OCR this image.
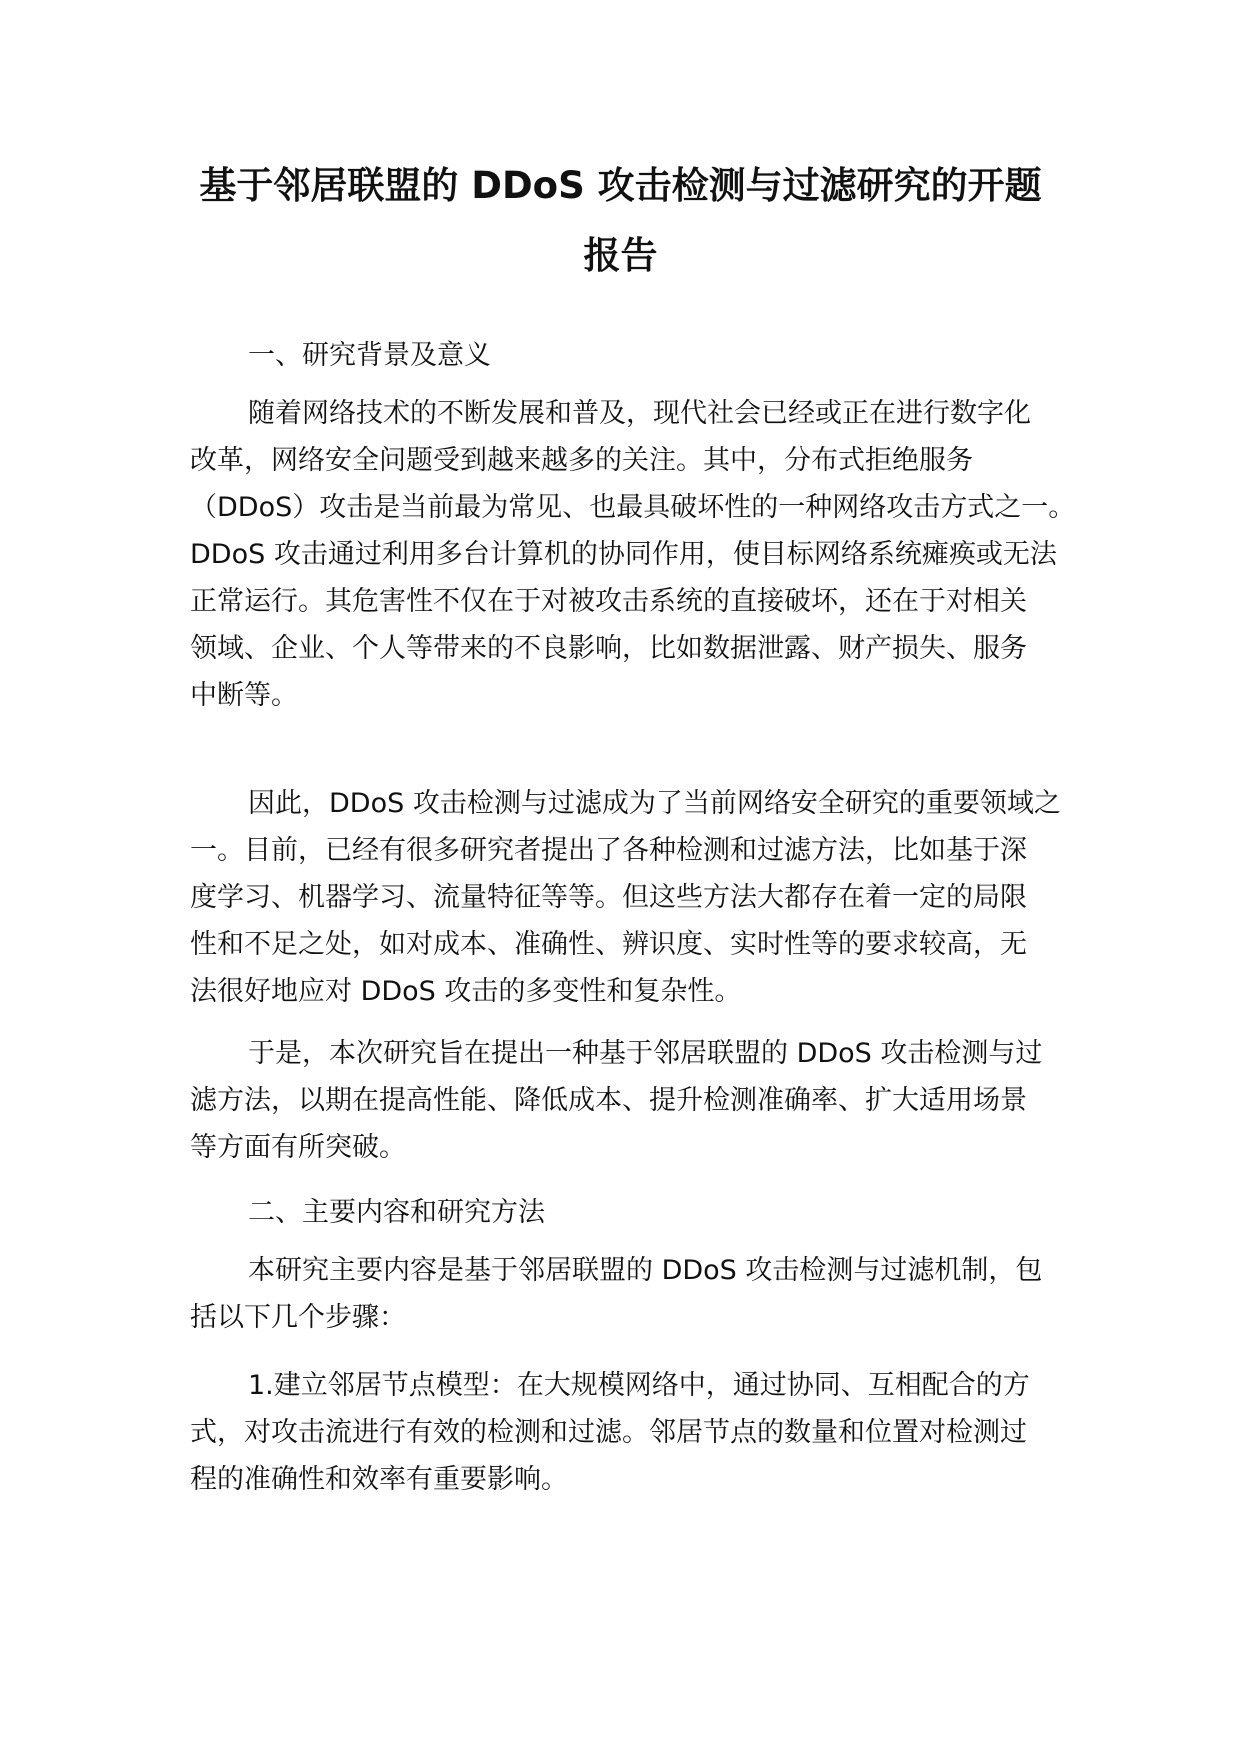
基于邻居联盟的 DDoS 攻击检测与过滤研究的开题
报告
一、研究背景及意义
随着网络技术的不断发展和普及，现代社会已经或正在进行数字化
改革，网络安全问题受到越来越多的关注。其中，分布式拒绝服务
（DDoS）攻击是当前最为常见、也最具破坏性的一种网络攻击方式之一。
DDoS 攻击通过利用多台计算机的协同作用，使目标网络系统瘫痪或无法
正常运行。其危害性不仅在于对被攻击系统的直接破坏，还在于对相关
领域、企业、个人等带来的不良影响，比如数据泄露、财产损失、服务
中断等。
因此，DDoS 攻击检测与过滤成为了当前网络安全研究的重要领域之
一。目前，已经有很多研究者提出了各种检测和过滤方法，比如基于深
度学习、机器学习、流量特征等等。但这些方法大都存在着一定的局限
性和不足之处，如对成本、准确性、辨识度、实时性等的要求较高，无
法很好地应对 DDoS 攻击的多变性和复杂性。
于是，本次研究旨在提出一种基于邻居联盟的 DDoS 攻击检测与过
滤方法，以期在提高性能、降低成本、提升检测准确率、扩大适用场景
等方面有所突破。
二、主要内容和研究方法
本研究主要内容是基于邻居联盟的 DDoS 攻击检测与过滤机制，包
括以下几个步骤：
1.建立邻居节点模型：在大规模网络中，通过协同、互相配合的方
式，对攻击流进行有效的检测和过滤。邻居节点的数量和位置对检测过
程的准确性和效率有重要影响。
